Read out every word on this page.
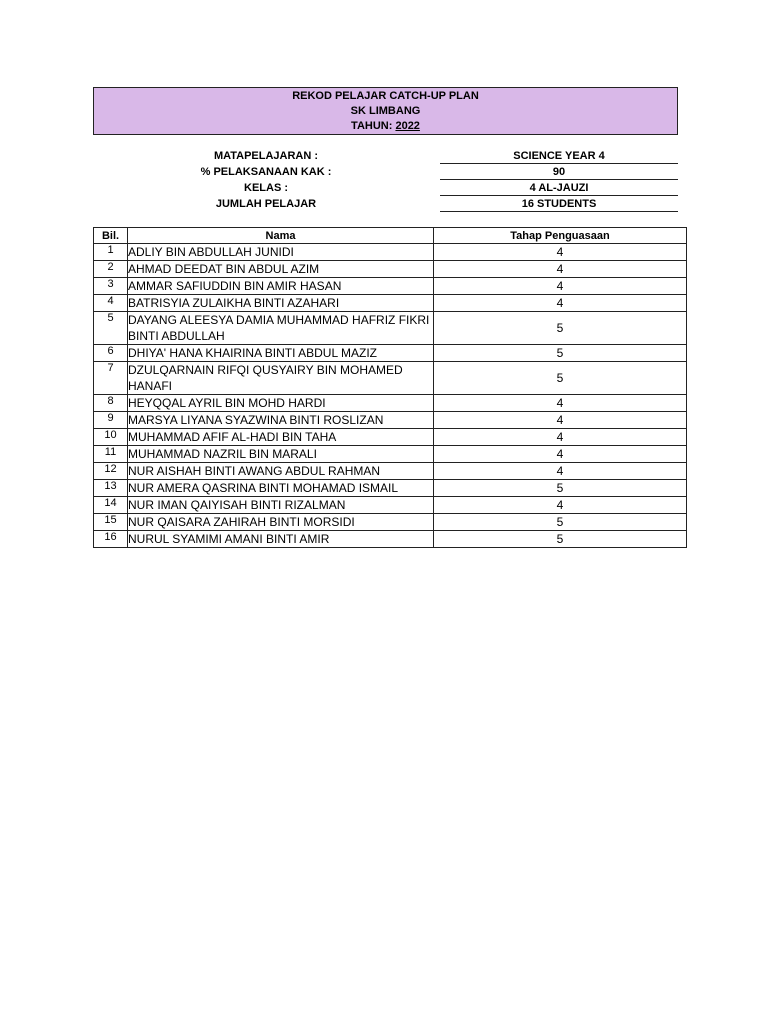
REKOD PELAJAR CATCH-UP PLAN
SK LIMBANG
TAHUN: 2022
MATAPELAJARAN :	SCIENCE YEAR 4
% PELAKSANAAN KAK :	90
KELAS :	4 AL-JAUZI
JUMLAH PELAJAR	16 STUDENTS
Bil.	Nama	Tahap Penguasaan
1	ADLIY BIN ABDULLAH JUNIDI	4
2	AHMAD DEEDAT BIN ABDUL AZIM	4
3	AMMAR SAFIUDDIN BIN AMIR HASAN	4
4	BATRISYIA ZULAIKHA BINTI AZAHARI	4
5	DAYANG ALEESYA DAMIA MUHAMMAD HAFRIZ FIKRI BINTI ABDULLAH	5
6	DHIYA' HANA KHAIRINA BINTI ABDUL MAZIZ	5
7	DZULQARNAIN RIFQI QUSYAIRY BIN MOHAMED HANAFI	5
8	HEYQQAL AYRIL BIN MOHD HARDI	4
9	MARSYA LIYANA SYAZWINA BINTI ROSLIZAN	4
10	MUHAMMAD AFIF AL-HADI BIN TAHA	4
11	MUHAMMAD NAZRIL BIN MARALI	4
12	NUR AISHAH BINTI AWANG ABDUL RAHMAN	4
13	NUR AMERA QASRINA BINTI MOHAMAD ISMAIL	5
14	NUR IMAN QAIYISAH BINTI RIZALMAN	4
15	NUR QAISARA ZAHIRAH BINTI MORSIDI	5
16	NURUL SYAMIMI AMANI BINTI AMIR	5
